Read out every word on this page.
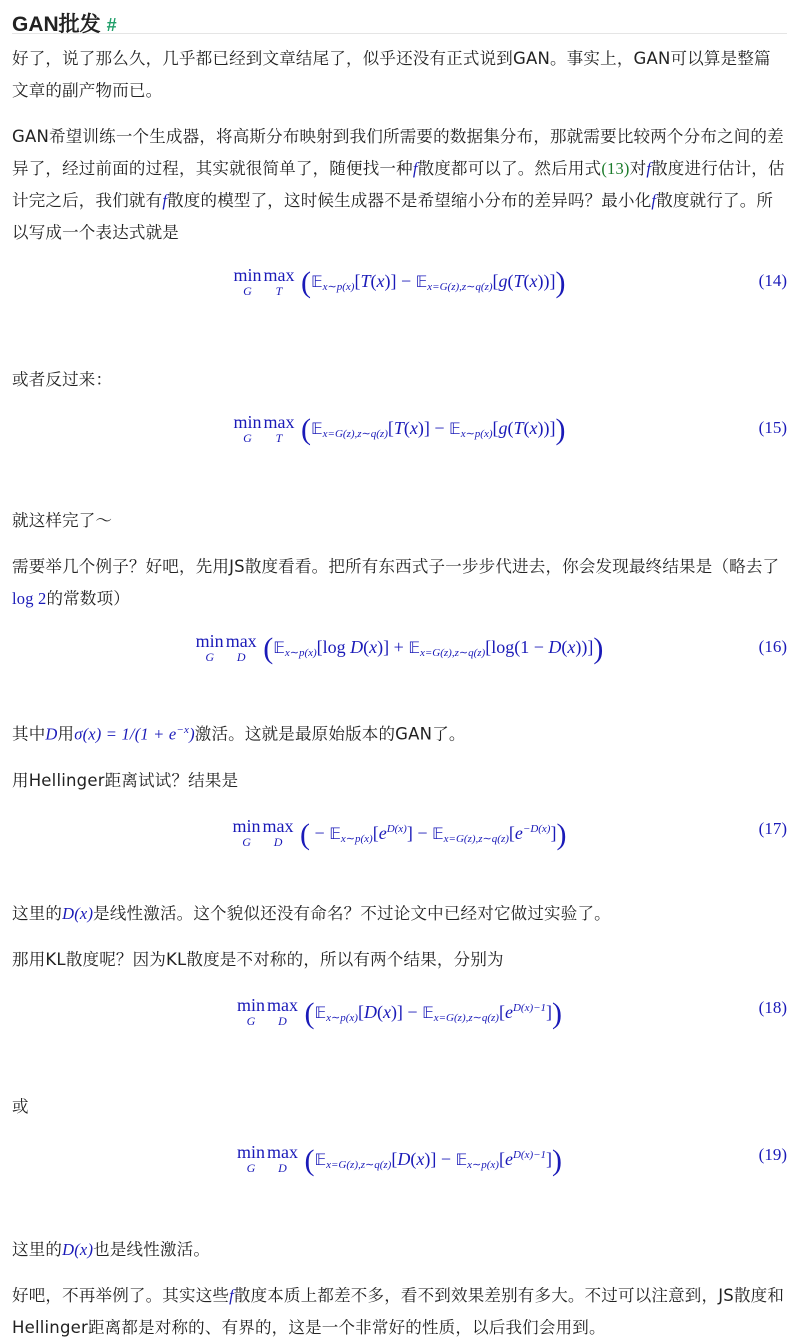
GAN批发 #

好了，说了那么久，几乎都已经到文章结尾了，似乎还没有正式说到GAN。事实上，GAN可以算是整篇文章的副产物而已。

GAN希望训练一个生成器，将高斯分布映射到我们所需要的数据集分布，那就需要比较两个分布之间的差异了，经过前面的过程，其实就很简单了，随便找一种f散度都可以了。然后用式(13)对f散度进行估计，估计完之后，我们就有f散度的模型了，这时候生成器不是希望缩小分布的差异吗？最小化f散度就行了。所以写成一个表达式就是

min
G
max
T (𝔼$_{x\sim p(x)}$[T(x)] − 𝔼$_{x=G(z),z\sim q(z)}$[g(T(x))])	(14)

或者反过来：

min
G
max
T (𝔼$_{x=G(z),z\sim q(z)}$[T(x)] − 𝔼$_{x\sim p(x)}$[g(T(x))])	(15)

就这样完了～

需要举几个例子？好吧，先用JS散度看看。把所有东西式子一步步代进去，你会发现最终结果是（略去了log 2的常数项）

min
G
max
D (𝔼$_{x\sim p(x)}$[log D(x)] + 𝔼$_{x=G(z),z\sim q(z)}$[log(1 − D(x))])	(16)

其中D用$\sigma(x) = 1/(1 + e^{-x})$激活。这就是最原始版本的GAN了。

用Hellinger距离试试？结果是

min
G
max
D ( − $𝔼_{x\sim p(x)}[e^{D(x)}]$ − $𝔼_{x=G(z),z\sim q(z)}[e^{-D(x)}]$)	(17)

这里的D(x)是线性激活。这个貌似还没有命名？不过论文中已经对它做过实验了。

那用KL散度呢？因为KL散度是不对称的，所以有两个结果，分别为

min
G
max
D (𝔼$_{x\sim p(x)}$[D(x)] − $𝔼_{x=G(z),z\sim q(z)}[e^{D(x)-1}]$)	(18)

或

min
G
max
D (𝔼$_{x=G(z),z\sim q(z)}$[D(x)] − $𝔼_{x\sim p(x)}[e^{D(x)-1}]$)	(19)

这里的D(x)也是线性激活。

好吧，不再举例了。其实这些f散度本质上都差不多，看不到效果差别有多大。不过可以注意到，JS散度和Hellinger距离都是对称的、有界的，这是一个非常好的性质，以后我们会用到。
